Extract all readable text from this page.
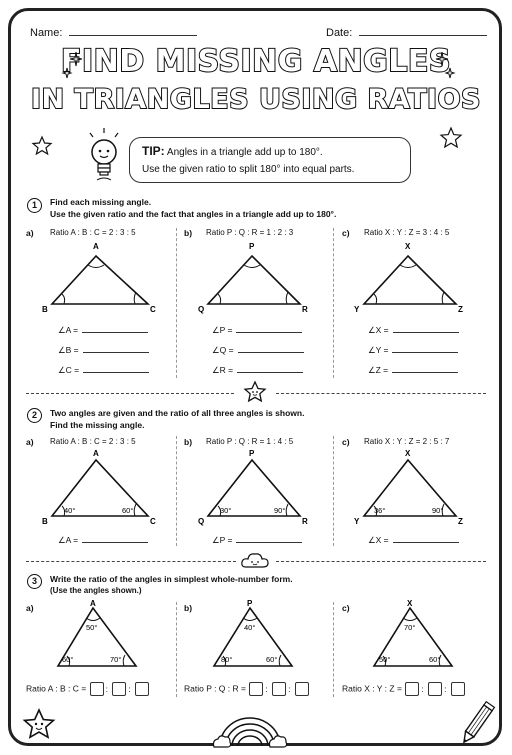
Name:	Date:
FIND MISSING ANGLES
IN TRIANGLES USING RATIOS
TIP: Angles in a triangle add up to 180°.
Use the given ratio to split 180° into equal parts.
1	Find each missing angle.
Use the given ratio and the fact that angles in a triangle add up to 180°.
a) Ratio A : B : C = 2 : 3 : 5
A
B	C
∠A =
∠B =
∠C =
b) Ratio P : Q : R = 1 : 2 : 3
P
Q	R
∠P =
∠Q =
∠R =
c) Ratio X : Y : Z = 3 : 4 : 5
X
Y	Z
∠X =
∠Y =
∠Z =
2	Two angles are given and the ratio of all three angles is shown.
Find the missing angle.
a) Ratio A : B : C = 2 : 3 : 5
A
B	C
40°	60°
∠A =
b) Ratio P : Q : R = 1 : 4 : 5
P
Q	R
30°	90°
∠P =
c) Ratio X : Y : Z = 2 : 5 : 7
X
Y	Z
36°	90°
∠X =
3	Write the ratio of the angles in simplest whole-number form.
(Use the angles shown.)
a)	A
50°
60°	70°
Ratio A : B : C = : :
b)	P
40°
80°	60°
Ratio P : Q : R = : :
c)	X
70°
50°	60°
Ratio X : Y : Z = : :
